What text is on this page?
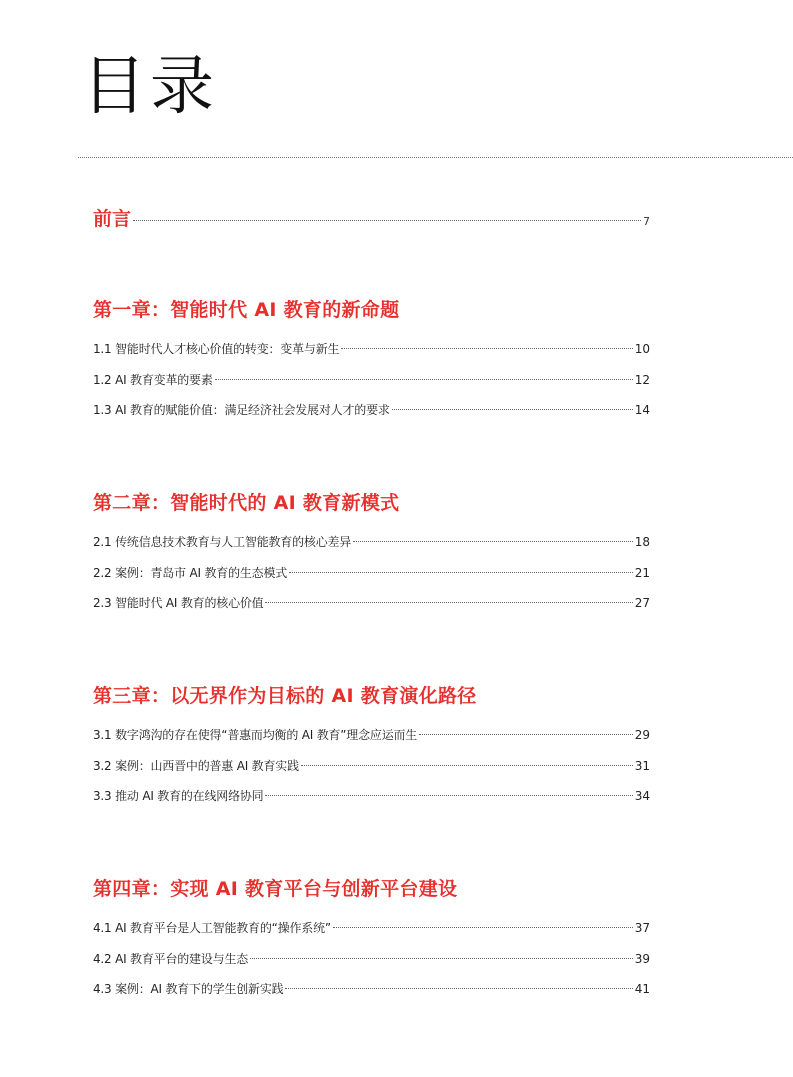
目录
前言	7
第一章：智能时代 AI 教育的新命题
1.1 智能时代人才核心价值的转变：变革与新生	10
1.2 AI 教育变革的要素	12
1.3 AI 教育的赋能价值：满足经济社会发展对人才的要求	14
第二章：智能时代的 AI 教育新模式
2.1 传统信息技术教育与人工智能教育的核心差异	18
2.2 案例：青岛市 AI 教育的生态模式	21
2.3 智能时代 AI 教育的核心价值	27
第三章：以无界作为目标的 AI 教育演化路径
3.1 数字鸿沟的存在使得“普惠而均衡的 AI 教育”理念应运而生	29
3.2 案例：山西晋中的普惠 AI 教育实践	31
3.3 推动 AI 教育的在线网络协同	34
第四章：实现 AI 教育平台与创新平台建设
4.1 AI 教育平台是人工智能教育的“操作系统”	37
4.2 AI 教育平台的建设与生态	39
4.3 案例：AI 教育下的学生创新实践	41
